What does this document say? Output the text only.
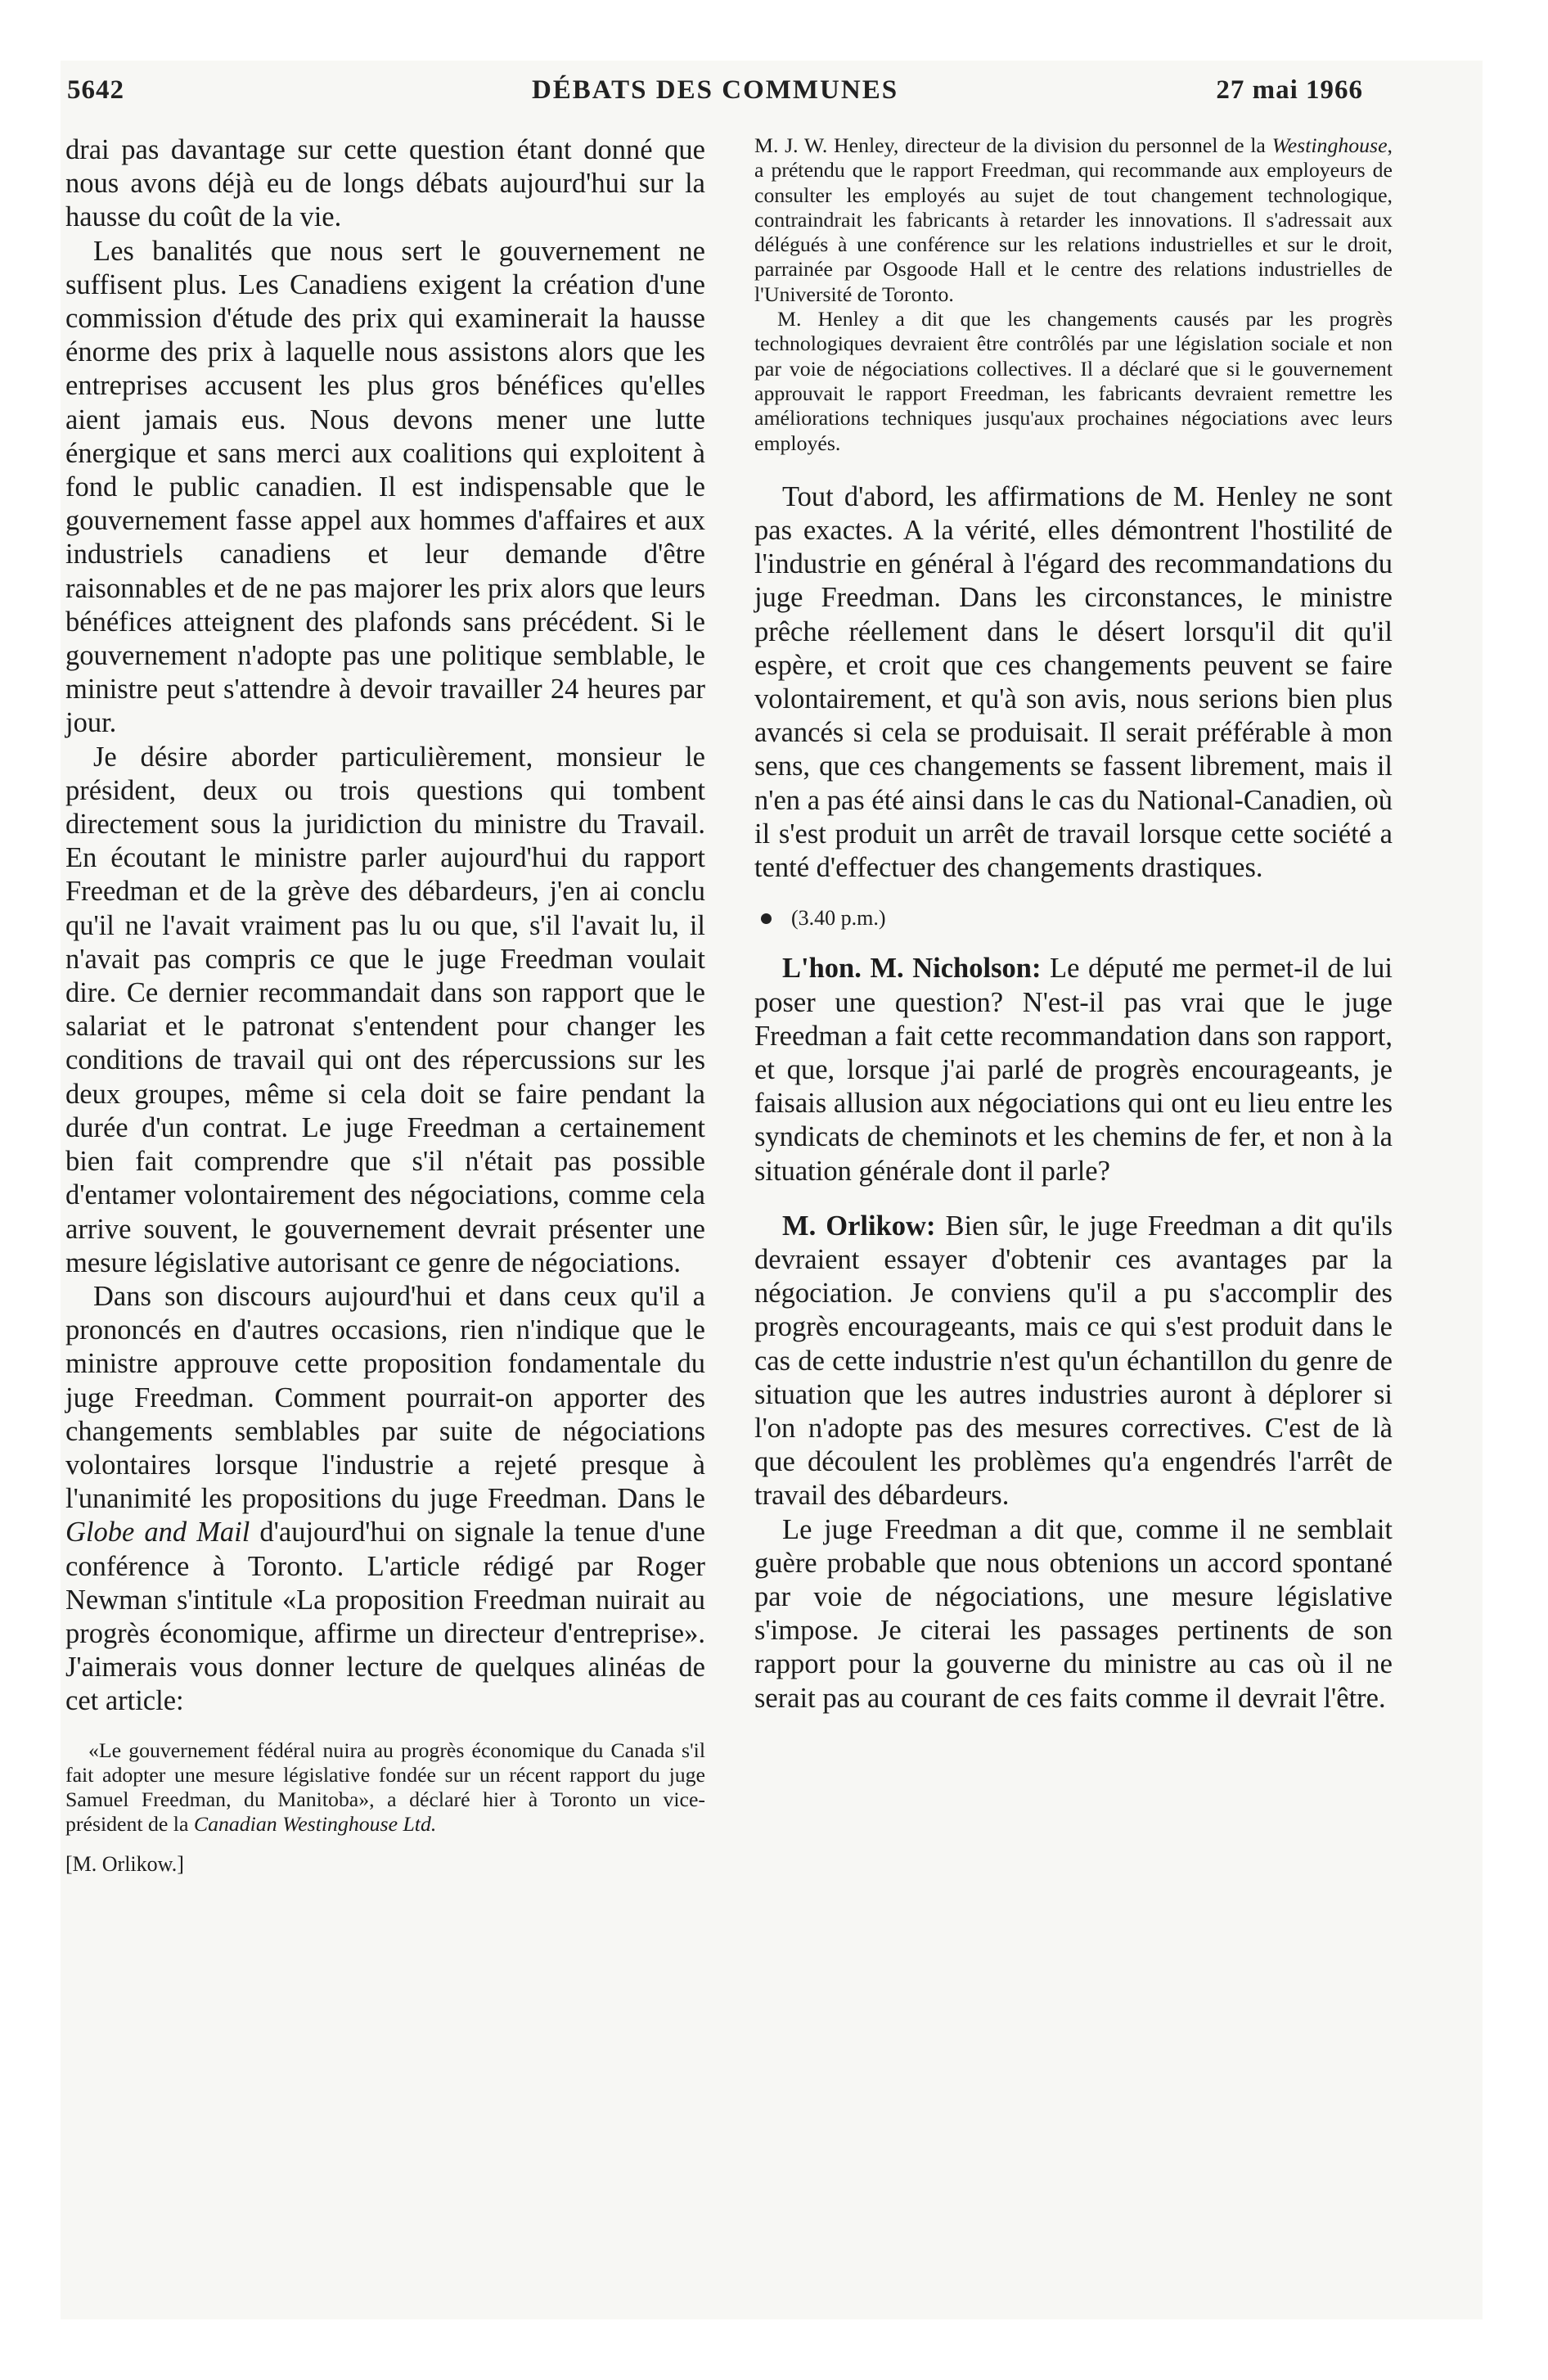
5642	DÉBATS DES COMMUNES	27 mai 1966

drai pas davantage sur cette question étant donné que nous avons déjà eu de longs débats aujourd'hui sur la hausse du coût de la vie.

Les banalités que nous sert le gouvernement ne suffisent plus. Les Canadiens exigent la création d'une commission d'étude des prix qui examinerait la hausse énorme des prix à laquelle nous assistons alors que les entreprises accusent les plus gros bénéfices qu'elles aient jamais eus. Nous devons mener une lutte énergique et sans merci aux coalitions qui exploitent à fond le public canadien. Il est indispensable que le gouvernement fasse appel aux hommes d'affaires et aux industriels canadiens et leur demande d'être raisonnables et de ne pas majorer les prix alors que leurs bénéfices atteignent des plafonds sans précédent. Si le gouvernement n'adopte pas une politique semblable, le ministre peut s'attendre à devoir travailler 24 heures par jour.

Je désire aborder particulièrement, monsieur le président, deux ou trois questions qui tombent directement sous la juridiction du ministre du Travail. En écoutant le ministre parler aujourd'hui du rapport Freedman et de la grève des débardeurs, j'en ai conclu qu'il ne l'avait vraiment pas lu ou que, s'il l'avait lu, il n'avait pas compris ce que le juge Freedman voulait dire. Ce dernier recommandait dans son rapport que le salariat et le patronat s'entendent pour changer les conditions de travail qui ont des répercussions sur les deux groupes, même si cela doit se faire pendant la durée d'un contrat. Le juge Freedman a certainement bien fait comprendre que s'il n'était pas possible d'entamer volontairement des négociations, comme cela arrive souvent, le gouvernement devrait présenter une mesure législative autorisant ce genre de négociations.

Dans son discours aujourd'hui et dans ceux qu'il a prononcés en d'autres occasions, rien n'indique que le ministre approuve cette proposition fondamentale du juge Freedman. Comment pourrait-on apporter des changements semblables par suite de négociations volontaires lorsque l'industrie a rejeté presque à l'unanimité les propositions du juge Freedman. Dans le Globe and Mail d'aujourd'hui on signale la tenue d'une conférence à Toronto. L'article rédigé par Roger Newman s'intitule «La proposition Freedman nuirait au progrès économique, affirme un directeur d'entreprise». J'aimerais vous donner lecture de quelques alinéas de cet article:

«Le gouvernement fédéral nuira au progrès économique du Canada s'il fait adopter une mesure législative fondée sur un récent rapport du juge Samuel Freedman, du Manitoba», a déclaré hier à Toronto un vice-président de la Canadian Westinghouse Ltd.

[M. Orlikow.]

M. J. W. Henley, directeur de la division du personnel de la Westinghouse, a prétendu que le rapport Freedman, qui recommande aux employeurs de consulter les employés au sujet de tout changement technologique, contraindrait les fabricants à retarder les innovations. Il s'adressait aux délégués à une conférence sur les relations industrielles et sur le droit, parrainée par Osgoode Hall et le centre des relations industrielles de l'Université de Toronto.

M. Henley a dit que les changements causés par les progrès technologiques devraient être contrôlés par une législation sociale et non par voie de négociations collectives. Il a déclaré que si le gouvernement approuvait le rapport Freedman, les fabricants devraient remettre les améliorations techniques jusqu'aux prochaines négociations avec leurs employés.

Tout d'abord, les affirmations de M. Henley ne sont pas exactes. A la vérité, elles démontrent l'hostilité de l'industrie en général à l'égard des recommandations du juge Freedman. Dans les circonstances, le ministre prêche réellement dans le désert lorsqu'il dit qu'il espère, et croit que ces changements peuvent se faire volontairement, et qu'à son avis, nous serions bien plus avancés si cela se produisait. Il serait préférable à mon sens, que ces changements se fassent librement, mais il n'en a pas été ainsi dans le cas du National-Canadien, où il s'est produit un arrêt de travail lorsque cette société a tenté d'effectuer des changements drastiques.

(3.40 p.m.)

L'hon. M. Nicholson: Le député me permet-il de lui poser une question? N'est-il pas vrai que le juge Freedman a fait cette recommandation dans son rapport, et que, lorsque j'ai parlé de progrès encourageants, je faisais allusion aux négociations qui ont eu lieu entre les syndicats de cheminots et les chemins de fer, et non à la situation générale dont il parle?

M. Orlikow: Bien sûr, le juge Freedman a dit qu'ils devraient essayer d'obtenir ces avantages par la négociation. Je conviens qu'il a pu s'accomplir des progrès encourageants, mais ce qui s'est produit dans le cas de cette industrie n'est qu'un échantillon du genre de situation que les autres industries auront à déplorer si l'on n'adopte pas des mesures correctives. C'est de là que découlent les problèmes qu'a engendrés l'arrêt de travail des débardeurs.

Le juge Freedman a dit que, comme il ne semblait guère probable que nous obtenions un accord spontané par voie de négociations, une mesure législative s'impose. Je citerai les passages pertinents de son rapport pour la gouverne du ministre au cas où il ne serait pas au courant de ces faits comme il devrait l'être.
